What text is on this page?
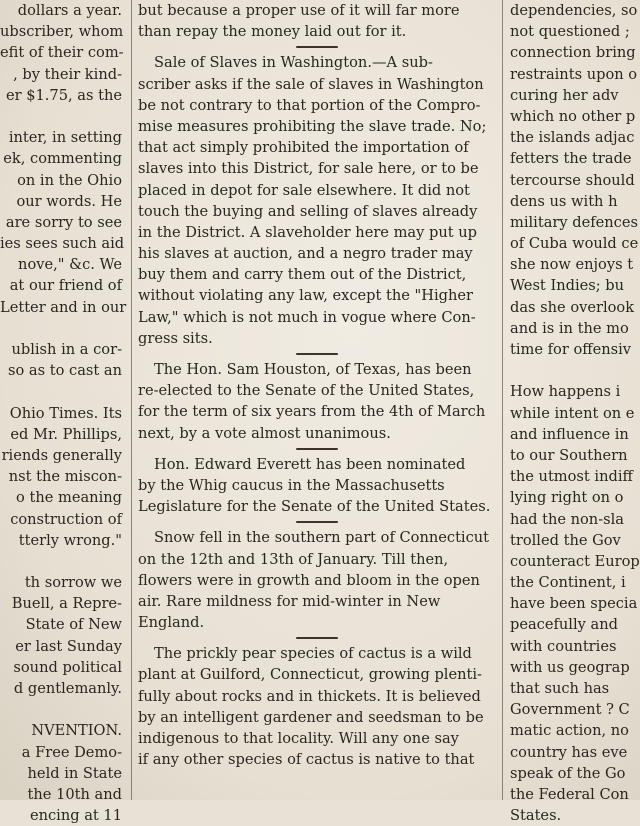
dollars a year.
ubscriber, whom
efit of their com-
, by their kind-
er $1.75, as the
inter, in setting
ek, commenting
on in the Ohio
our words. He
are sorry to see
ies sees such aid
nove," &c. We
at our friend of
Letter and in our
ublish in a cor-
so as to cast an
Ohio Times. Its
ed Mr. Phillips,
riends generally
nst the miscon-
o the meaning
construction of
tterly wrong."
th sorrow we
Buell, a Repre-
State of New
er last Sunday
sound political
d gentlemanly.
NVENTION.
a Free Demo-
held in State
the 10th and
encing at 11

but because a proper use of it will far more
than repay the money laid out for it.

Sale of Slaves in Washington.—A sub-
scriber asks if the sale of slaves in Washington
be not contrary to that portion of the Compro-
mise measures prohibiting the slave trade. No;
that act simply prohibited the importation of
slaves into this District, for sale here, or to be
placed in depot for sale elsewhere. It did not
touch the buying and selling of slaves already
in the District. A slaveholder here may put up
his slaves at auction, and a negro trader may
buy them and carry them out of the District,
without violating any law, except the "Higher
Law," which is not much in vogue where Con-
gress sits.

The Hon. Sam Houston, of Texas, has been
re-elected to the Senate of the United States,
for the term of six years from the 4th of March
next, by a vote almost unanimous.

Hon. Edward Everett has been nominated
by the Whig caucus in the Massachusetts
Legislature for the Senate of the United States.

Snow fell in the southern part of Connecticut
on the 12th and 13th of January. Till then,
flowers were in growth and bloom in the open
air. Rare mildness for mid-winter in New
England.

The prickly pear species of cactus is a wild
plant at Guilford, Connecticut, growing plenti-
fully about rocks and in thickets. It is believed
by an intelligent gardener and seedsman to be
indigenous to that locality. Will any one say
if any other species of cactus is native to that

dependencies, so
not questioned ;
connection bring
restraints upon o
curing her adv
which no other p
the islands adjac
fetters the trade
tercourse should
dens us with h
military defences
of Cuba would ce
she now enjoys t
West Indies; bu
das she overlook
and is in the mo
time for offensiv
How happens i
while intent on e
and influence in
to our Southern
the utmost indiff
lying right on o
had the non-sla
trolled the Gov
counteract Europ
the Continent, i
have been specia
peacefully and
with countries
with us geograp
that such has
Government ? C
matic action, no
country has eve
speak of the Go
the Federal Con
States.
